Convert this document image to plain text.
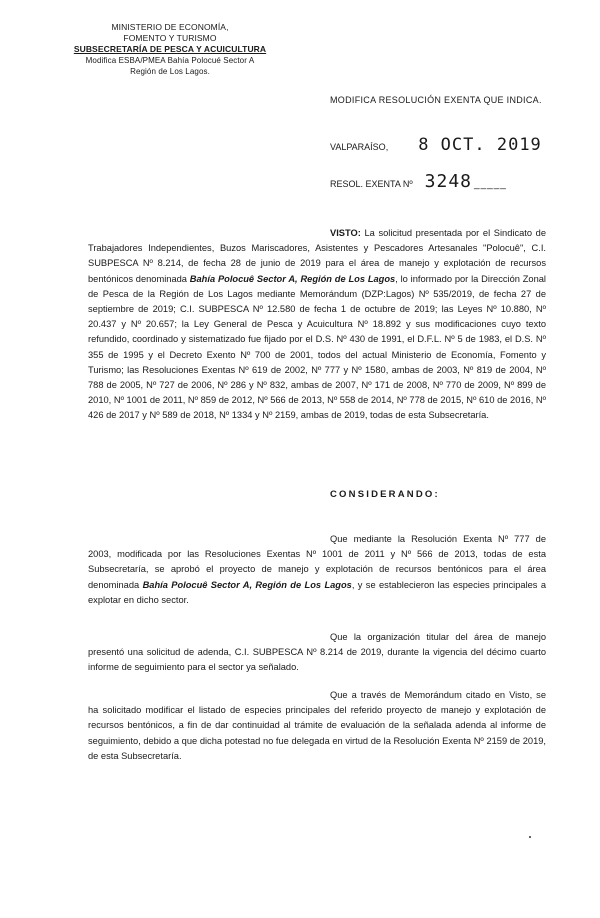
MINISTERIO DE ECONOMÍA,
FOMENTO Y TURISMO
SUBSECRETARÍA DE PESCA Y ACUICULTURA
Modifica ESBA/PMEA Bahía Polocué Sector A
Región de Los Lagos.
MODIFICA RESOLUCIÓN EXENTA QUE INDICA.
VALPARAÍSO, 8 OCT. 2019
RESOL. EXENTA Nº 3248 _____
VISTO: La solicitud presentada por el Sindicato de Trabajadores Independientes, Buzos Mariscadores, Asistentes y Pescadores Artesanales "Polocuê", C.I. SUBPESCA Nº 8.214, de fecha 28 de junio de 2019 para el área de manejo y explotación de recursos bentónicos denominada Bahía Polocuê Sector A, Región de Los Lagos, lo informado por la Dirección Zonal de Pesca de la Región de Los Lagos mediante Memorándum (DZP:Lagos) Nº 535/2019, de fecha 27 de septiembre de 2019; C.I. SUBPESCA Nº 12.580 de fecha 1 de octubre de 2019; las Leyes Nº 10.880, Nº 20.437 y Nº 20.657; la Ley General de Pesca y Acuicultura Nº 18.892 y sus modificaciones cuyo texto refundido, coordinado y sistematizado fue fijado por el D.S. Nº 430 de 1991, el D.F.L. Nº 5 de 1983, el D.S. Nº 355 de 1995 y el Decreto Exento Nº 700 de 2001, todos del actual Ministerio de Economía, Fomento y Turismo; las Resoluciones Exentas Nº 619 de 2002, Nº 777 y Nº 1580, ambas de 2003, Nº 819 de 2004, Nº 788 de 2005, Nº 727 de 2006, Nº 286 y Nº 832, ambas de 2007, Nº 171 de 2008, Nº 770 de 2009, Nº 899 de 2010, Nº 1001 de 2011, Nº 859 de 2012, Nº 566 de 2013, Nº 558 de 2014, Nº 778 de 2015, Nº 610 de 2016, Nº 426 de 2017 y Nº 589 de 2018, Nº 1334 y Nº 2159, ambas de 2019, todas de esta Subsecretaría.
CONSIDERANDO:
Que mediante la Resolución Exenta Nº 777 de 2003, modificada por las Resoluciones Exentas Nº 1001 de 2011 y Nº 566 de 2013, todas de esta Subsecretaría, se aprobó el proyecto de manejo y explotación de recursos bentónicos para el área denominada Bahía Polocuê Sector A, Región de Los Lagos, y se establecieron las especies principales a explotar en dicho sector.
Que la organización titular del área de manejo presentó una solicitud de adenda, C.I. SUBPESCA Nº 8.214 de 2019, durante la vigencia del décimo cuarto informe de seguimiento para el sector ya señalado.
Que a través de Memorándum citado en Visto, se ha solicitado modificar el listado de especies principales del referido proyecto de manejo y explotación de recursos bentónicos, a fin de dar continuidad al trámite de evaluación de la señalada adenda al informe de seguimiento, debido a que dicha potestad no fue delegada en virtud de la Resolución Exenta Nº 2159 de 2019, de esta Subsecretaría.
